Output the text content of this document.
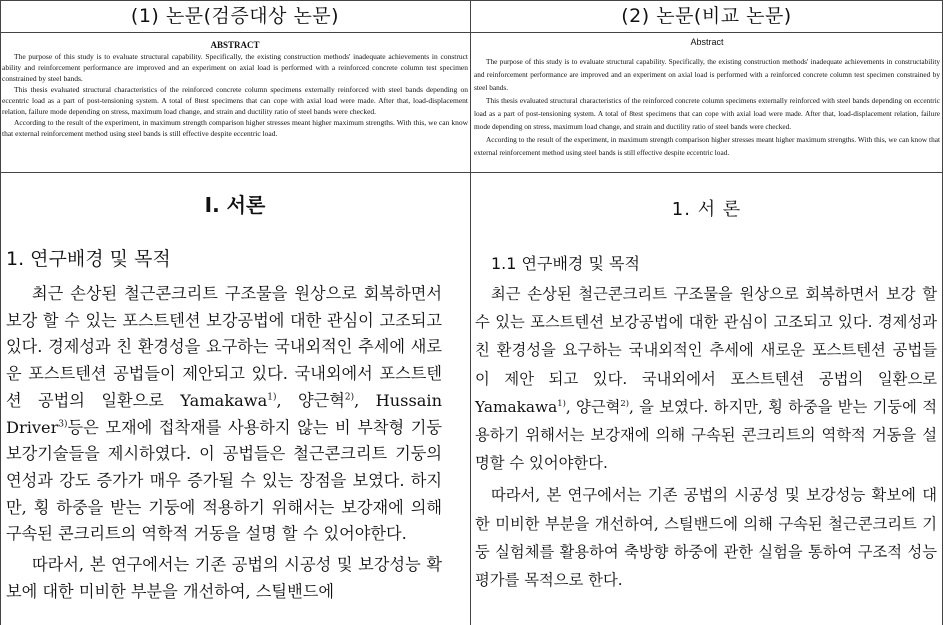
(1) 논문(검증대상 논문)	(2) 논문(비교 논문)
ABSTRACT

The purpose of this study is to evaluate structural capability. Specifically, the existing construction methods' inadequate achievements in construct ability and reinforcement performance are improved and an experiment on axial load is performed with a reinforced concrete column test specimen constrained by steel bands.

This thesis evaluated structural characteristics of the reinforced concrete column specimens externally reinforced with steel bands depending on eccentric load as a part of post-tensioning system. A total of 8test specimens that can cope with axial load were made. After that, load-displacement relation, failure mode depending on stress, maximum load change, and strain and ductility ratio of steel bands were checked.

According to the result of the experiment, in maximum strength comparison higher stresses meant higher maximum strengths. With this, we can know that external reinforcement method using steel bands is still effective despite eccentric load.

Abstract

The purpose of this study is to evaluate structural capability. Specifically, the existing construction methods' inadequate achievements in constructability and reinforcement performance are improved and an experiment on axial load is performed with a reinforced concrete column test specimen constrained by steel bands.

This thesis evaluated structural characteristics of the reinforced concrete column specimens externally reinforced with steel bands depending on eccentric load as a part of post-tensioning system. A total of 8test specimens that can cope with axial load were made. After that, load-displacement relation, failure mode depending on stress, maximum load change, and strain and ductility ratio of steel bands were checked.

According to the result of the experiment, in maximum strength comparison higher stresses meant higher maximum strengths. With this, we can know that external reinforcement method using steel bands is still effective despite eccentric load.

Ⅰ. 서론
1. 연구배경 및 목적

최근 손상된 철근콘크리트 구조물을 원상으로 회복하면서 보강 할 수 있는 포스트텐션 보강공법에 대한 관심이 고조되고 있다. 경제성과 친 환경성을 요구하는 국내외적인 추세에 새로운 포스트텐션 공법들이 제안되고 있다. 국내외에서 포스트텐션 공법의 일환으로 Yamakawa$^{1)}$, 양근혁$^{2)}$, Hussain Driver$^{3)}$등은 모재에 접착재를 사용하지 않는 비 부착형 기둥 보강기술들을 제시하였다. 이 공법들은 철근콘크리트 기둥의 연성과 강도 증가가 매우 증가될 수 있는 장점을 보였다. 하지만, 횡 하중을 받는 기둥에 적용하기 위해서는 보강재에 의해 구속된 콘크리트의 역학적 거동을 설명 할 수 있어야한다.

따라서, 본 연구에서는 기존 공법의 시공성 및 보강성능 확보에 대한 미비한 부분을 개선하여, 스틸밴드에

1. 서 론
1.1 연구배경 및 목적

최근 손상된 철근콘크리트 구조물을 원상으로 회복하면서 보강 할 수 있는 포스트텐션 보강공법에 대한 관심이 고조되고 있다. 경제성과 친 환경성을 요구하는 국내외적인 추세에 새로운 포스트텐션 공법들이 제안 되고 있다. 국내외에서 포스트텐션 공법의 일환으로 Yamakawa$^{1)}$, 양근혁$^{2)}$, 을 보였다. 하지만, 횡 하중을 받는 기둥에 적용하기 위해서는 보강재에 의해 구속된 콘크리트의 역학적 거동을 설명할 수 있어야한다.

따라서, 본 연구에서는 기존 공법의 시공성 및 보강성능 확보에 대한 미비한 부분을 개선하여, 스틸밴드에 의해 구속된 철근콘크리트 기둥 실험체를 활용하여 축방향 하중에 관한 실험을 통하여 구조적 성능 평가를 목적으로 한다.
